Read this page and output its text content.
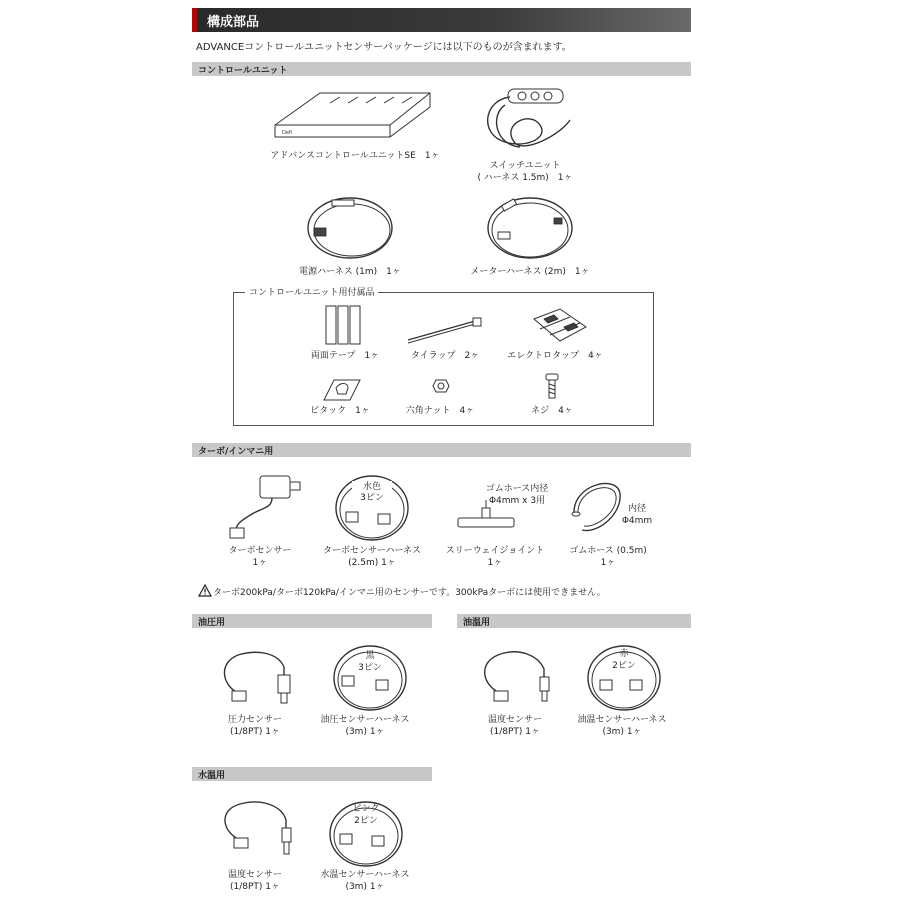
構成部品
ADVANCEコントロールユニットセンサーパッケージには以下のものが含まれます。
コントロールユニット
Defi
アドバンスコントロールユニットSE　1ヶ
スイッチユニット
( ハーネス 1.5m)　1ヶ
電源ハーネス (1m)　1ヶ	メーターハーネス (2m)　1ヶ
コントロールユニット用付属品
両面テープ　1ヶ	タイラップ　2ヶ	エレクトロタップ　4ヶ
ピタック　1ヶ	六角ナット　4ヶ	ネジ　4ヶ
ターボ/インマニ用
ターボセンサー
1ヶ
水色
3ピン
ターボセンサーハーネス
(2.5m) 1ヶ
ゴムホース内径
Φ4mm x 3用
スリーウェイジョイント
1ヶ
内径
Φ4mm
ゴムホース (0.5m)
1ヶ
ターボ200kPa/ターボ120kPa/インマニ用のセンサーです。300kPaターボには使用できません。
油圧用
圧力センサー
(1/8PT) 1ヶ
黒
3ピン
油圧センサーハーネス
(3m) 1ヶ
油温用
温度センサー
(1/8PT) 1ヶ
赤
2ピン
油温センサーハーネス
(3m) 1ヶ
水温用
温度センサー
(1/8PT) 1ヶ
ピンク
2ピン
水温センサーハーネス
(3m) 1ヶ
